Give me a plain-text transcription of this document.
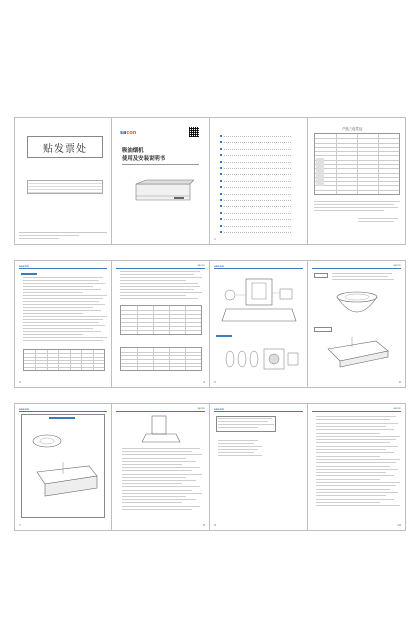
贴发票处
sacon
吸油烟机
使用及安装说明书
1
产品三包凭证
sacon
3
sacon
4
sacon
5
sacon
6
sacon
7
sacon
8
sacon
9
sacon
10
